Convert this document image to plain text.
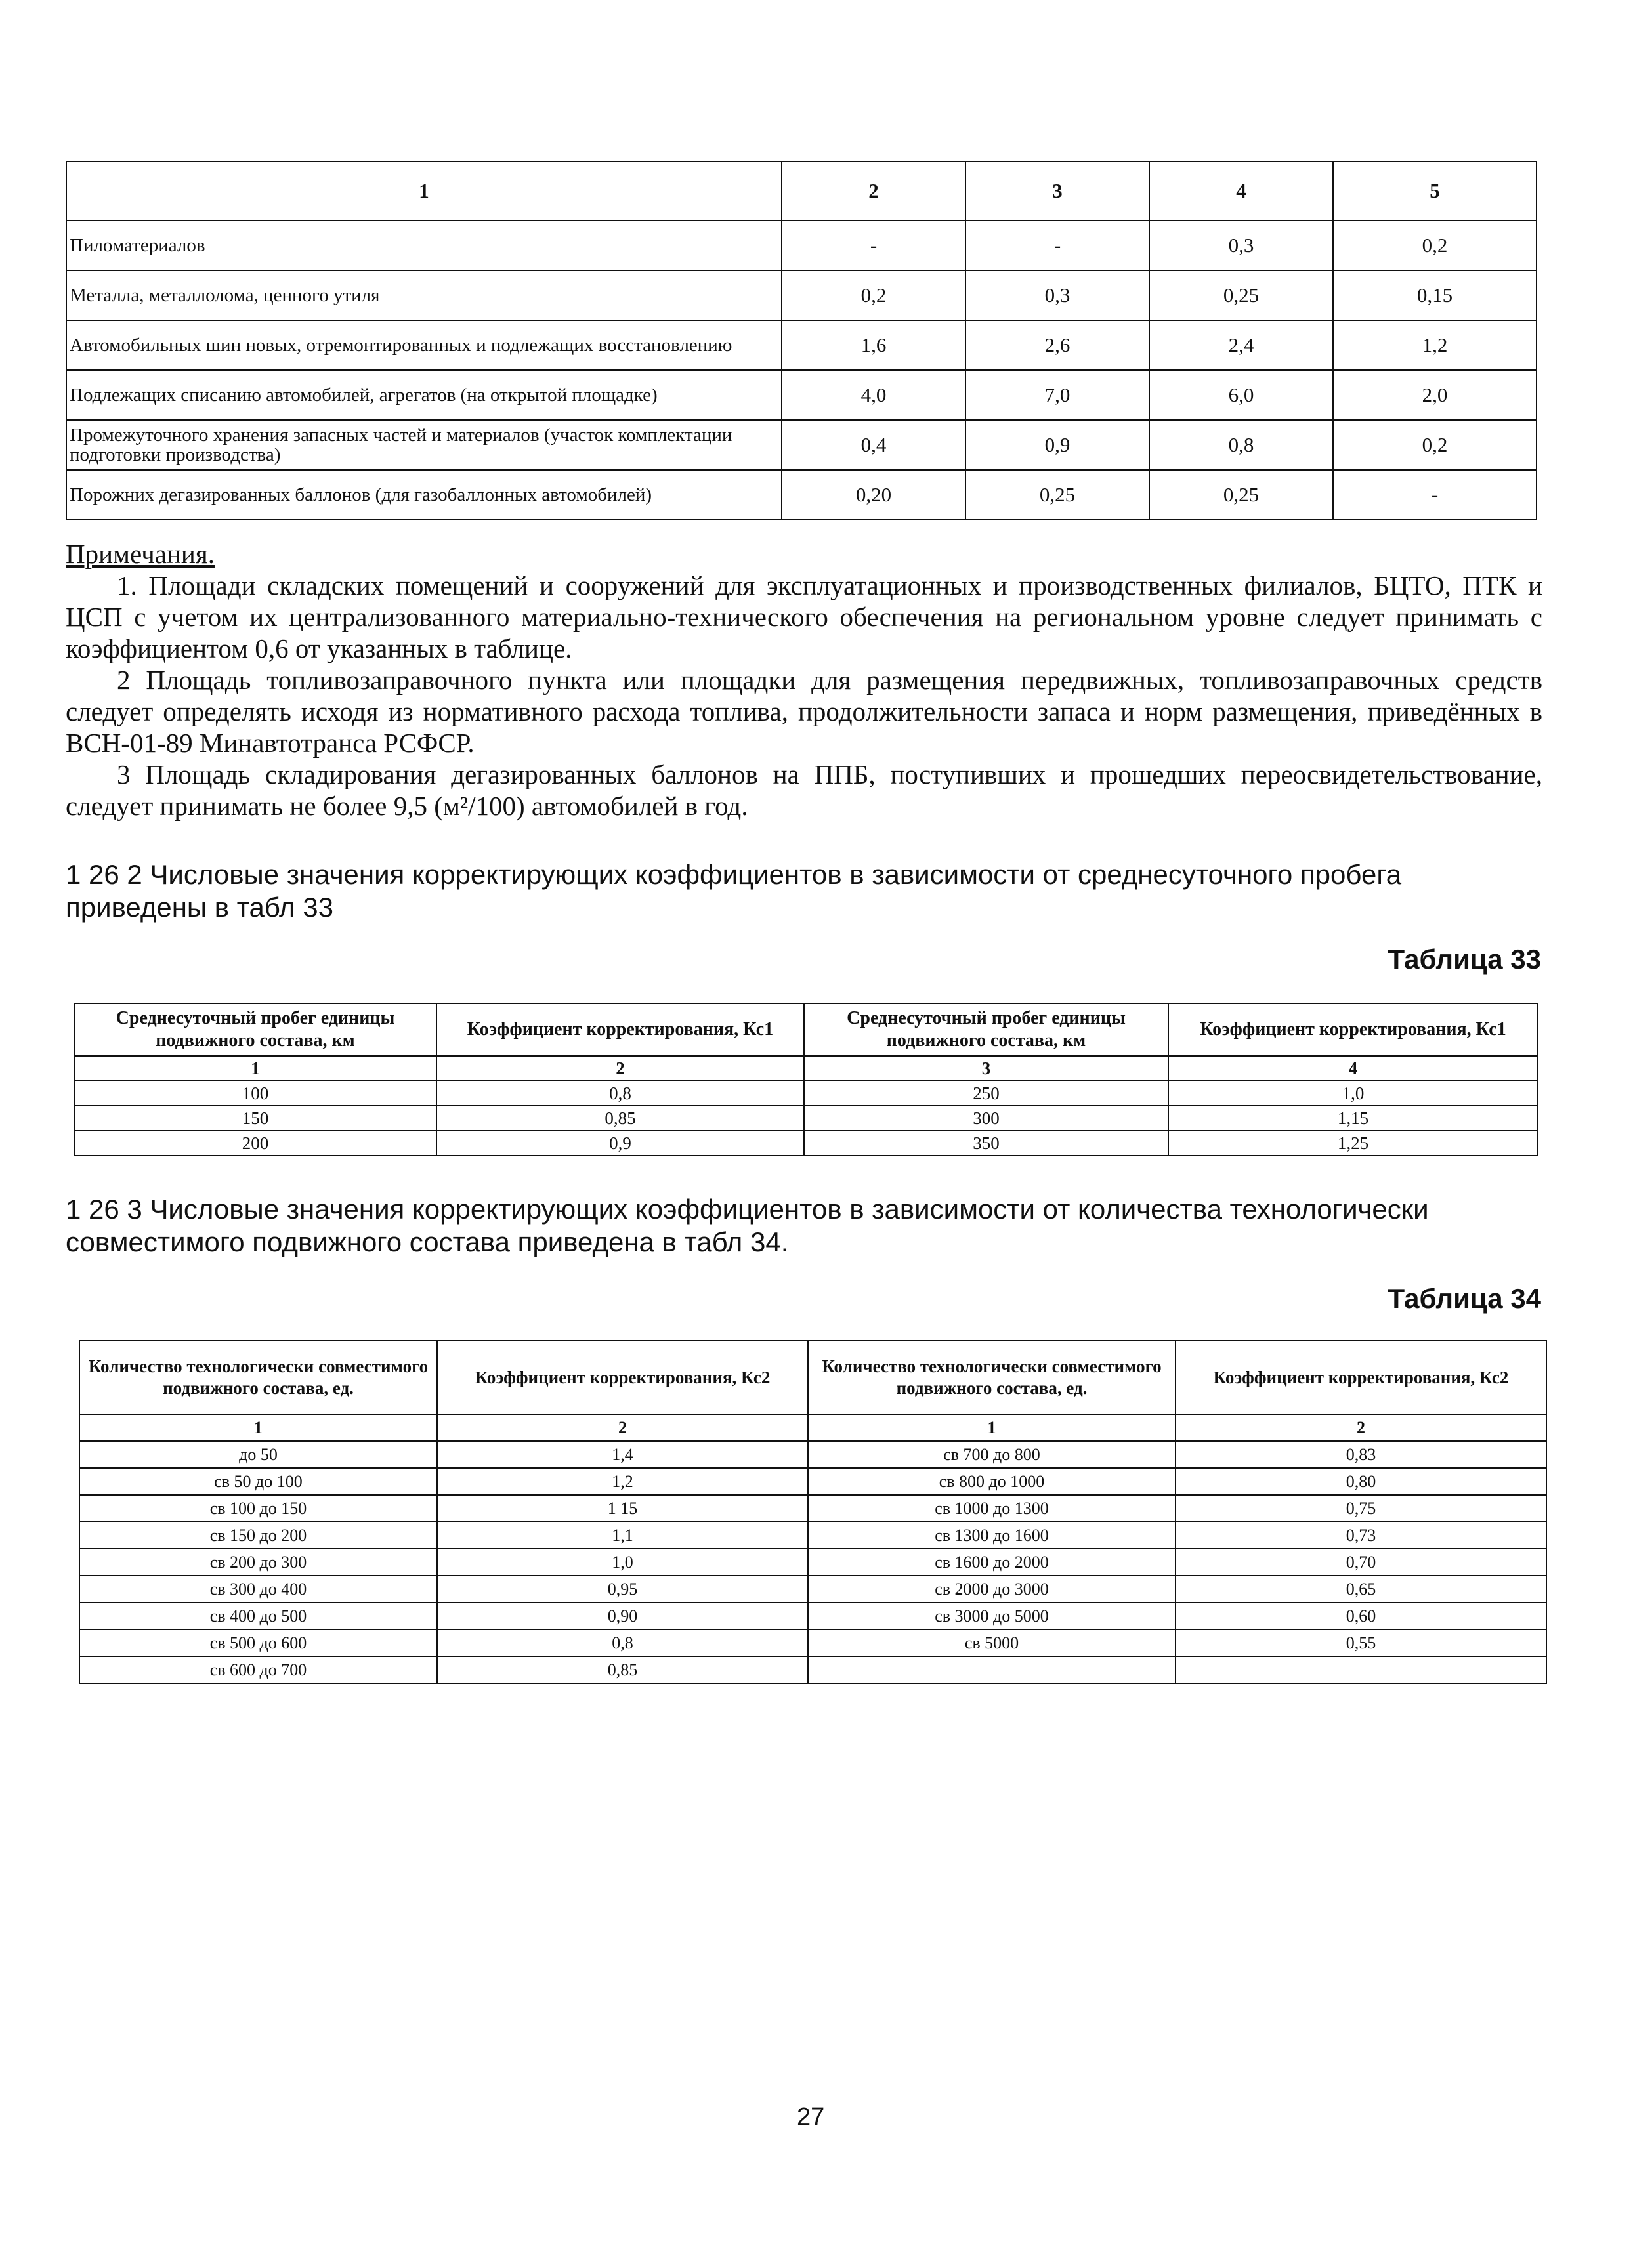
1	2	3	4	5
Пиломатериалов	-	-	0,3	0,2
Металла, металлолома, ценного утиля	0,2	0,3	0,25	0,15
Автомобильных шин новых, отремонтированных и подлежащих восстановлению	1,6	2,6	2,4	1,2
Подлежащих списанию автомобилей, агрегатов (на открытой площадке)	4,0	7,0	6,0	2,0
Промежуточного хранения запасных частей и материалов (участок комплектации подготовки производства)	0,4	0,9	0,8	0,2
Порожних дегазированных баллонов (для газобаллонных автомобилей)	0,20	0,25	0,25	-

Примечания.

1. Площади складских помещений и сооружений для эксплуатационных и производственных филиалов, БЦТО, ПТК и ЦСП с учетом их централизованного материально-технического обеспечения на региональном уровне следует принимать с коэффициентом 0,6 от указанных в таблице.

2 Площадь топливозаправочного пункта или площадки для размещения передвижных, топливозаправочных средств следует определять исходя из нормативного расхода топлива, продолжительности запаса и норм размещения, приведённых в ВСН-01-89 Минавтотранса РСФСР.

3 Площадь складирования дегазированных баллонов на ППБ, поступивших и прошедших переосвидетельствование, следует принимать не более 9,5 (м²/100) автомобилей в год.

1 26 2 Числовые значения корректирующих коэффициентов в зависимости от среднесуточного пробега приведены в табл 33
Таблица 33
Среднесуточный пробег единицы подвижного состава, км	Коэффициент корректирования, Кс1	Среднесуточный пробег единицы подвижного состава, км	Коэффициент корректирования, Кс1
1	2	3	4
100	0,8	250	1,0
150	0,85	300	1,15
200	0,9	350	1,25
1 26 3 Числовые значения корректирующих коэффициентов в зависимости от количества технологически совместимого подвижного состава приведена в табл 34.
Таблица 34
Количество технологически совместимого подвижного состава, ед.	Коэффициент корректирования, Кс2	Количество технологически совместимого подвижного состава, ед.	Коэффициент корректирования, Кс2
1	2	1	2
до 50	1,4	св 700 до 800	0,83
св 50 до 100	1,2	св 800 до 1000	0,80
св 100 до 150	1 15	св 1000 до 1300	0,75
св 150 до 200	1,1	св 1300 до 1600	0,73
св 200 до 300	1,0	св 1600 до 2000	0,70
св 300 до 400	0,95	св 2000 до 3000	0,65
св 400 до 500	0,90	св 3000 до 5000	0,60
св 500 до 600	0,8	св 5000	0,55
св 600 до 700	0,85		
27
